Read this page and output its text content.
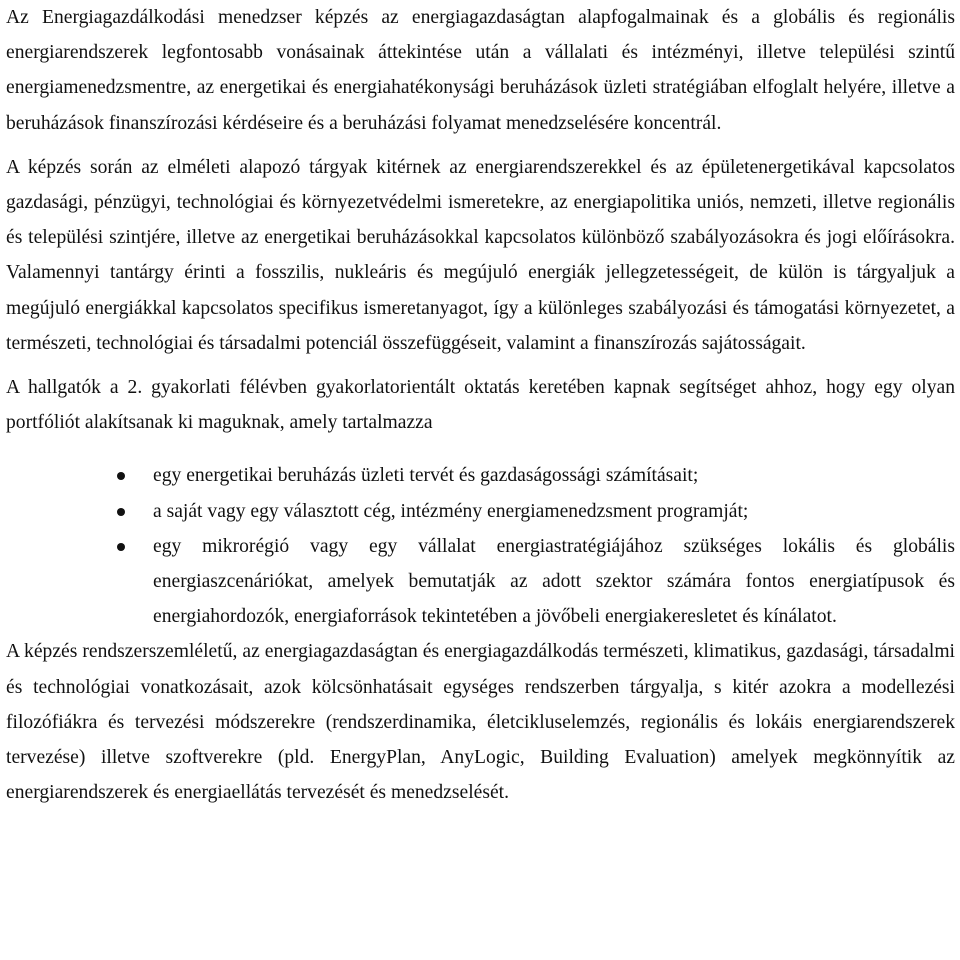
Az Energiagazdálkodási menedzser képzés az energiagazdaságtan alapfogalmainak és a globális és regionális energiarendszerek legfontosabb vonásainak áttekintése után a vállalati és intézményi, illetve települési szintű energiamenedzsmentre, az energetikai és energiahatékonysági beruházások üzleti stratégiában elfoglalt helyére, illetve a beruházások finanszírozási kérdéseire és a beruházási folyamat menedzselésére koncentrál.

A képzés során az elméleti alapozó tárgyak kitérnek az energiarendszerekkel és az épületenergetikával kapcsolatos gazdasági, pénzügyi, technológiai és környezetvédelmi ismeretekre, az energiapolitika uniós, nemzeti, illetve regionális és települési szintjére, illetve az energetikai beruházásokkal kapcsolatos különböző szabályozásokra és jogi előírásokra. Valamennyi tantárgy érinti a fosszilis, nukleáris és megújuló energiák jellegzetességeit, de külön is tárgyaljuk a megújuló energiákkal kapcsolatos specifikus ismeretanyagot, így a különleges szabályozási és támogatási környezetet, a természeti, technológiai és társadalmi potenciál összefüggéseit, valamint a finanszírozás sajátosságait.

A hallgatók a 2. gyakorlati félévben gyakorlatorientált oktatás keretében kapnak segítséget ahhoz, hogy egy olyan portfóliót alakítsanak ki maguknak, amely tartalmazza

egy energetikai beruházás üzleti tervét és gazdaságossági számításait;
a saját vagy egy választott cég, intézmény energiamenedzsment programját;
egy mikrorégió vagy egy vállalat energiastratégiájához szükséges lokális és globális energiaszcenáriókat, amelyek bemutatják az adott szektor számára fontos energiatípusok és energiahordozók, energiaforrások tekintetében a jövőbeli energiakeresletet és kínálatot.

A képzés rendszerszemléletű, az energiagazdaságtan és energiagazdálkodás természeti, klimatikus, gazdasági, társadalmi és technológiai vonatkozásait, azok kölcsönhatásait egységes rendszerben tárgyalja, s kitér azokra a modellezési filozófiákra és tervezési módszerekre (rendszerdinamika, életcikluselemzés, regionális és lokáis energiarendszerek tervezése) illetve szoftverekre (pld. EnergyPlan, AnyLogic, Building Evaluation) amelyek megkönnyítik az energiarendszerek és energiaellátás tervezését és menedzselését.
